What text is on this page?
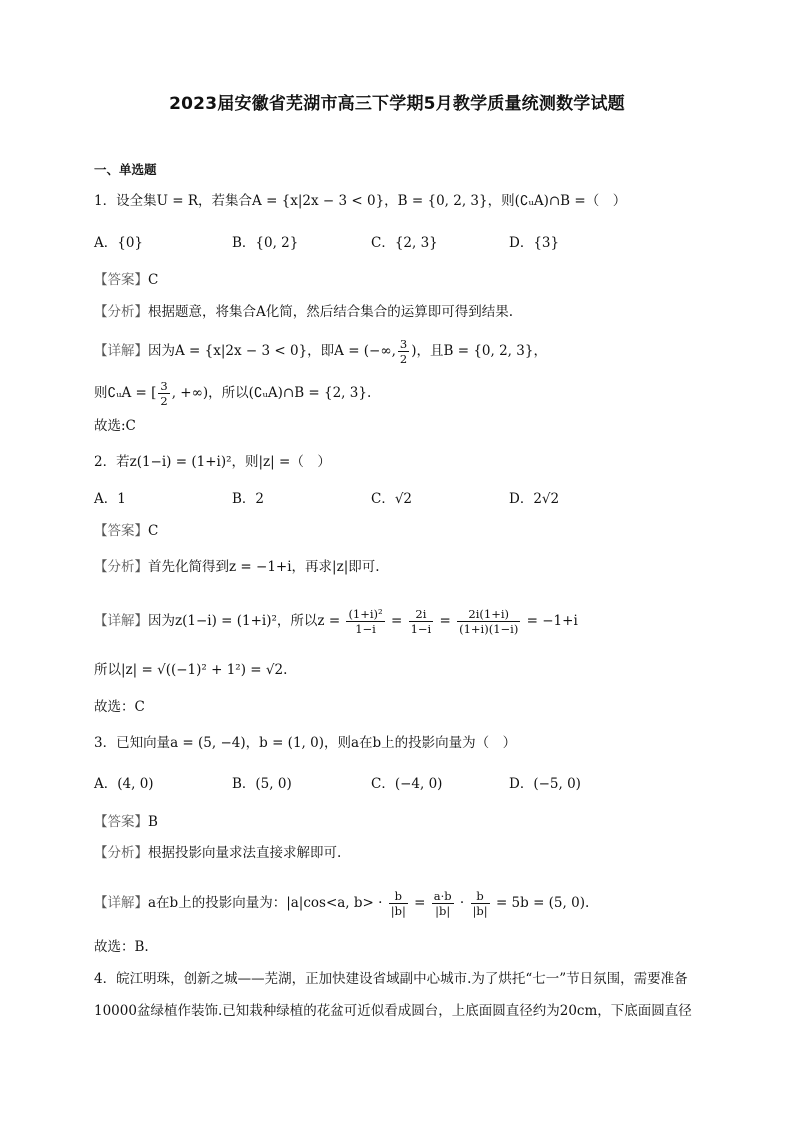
2023届安徽省芜湖市高三下学期5月教学质量统测数学试题
一、单选题
1．设全集U = R，若集合A = {x|2x − 3 < 0}，B = {0, 2, 3}，则(∁ᵤA)∩B =（　）
A．{0}	B．{0, 2}	C．{2, 3}	D．{3}
【答案】C
【分析】根据题意，将集合A化简，然后结合集合的运算即可得到结果.
【详解】因为A = {x|2x − 3 < 0}，即A = (−∞, $\frac{3}{2}$ )，且B = {0, 2, 3}，
则∁ᵤA = [ $\frac{3}{2}$ , +∞)，所以(∁ᵤA)∩B = {2, 3}.
故选:C
2．若z(1−i) = (1+i)²，则|z| =（　）
A．1	B．2	C．√2	D．2√2
【答案】C
【分析】首先化简得到z = −1+i，再求|z|即可.
【详解】因为z(1−i) = (1+i)²，所以$z = \frac{\text{(1+i)²}}{1-i} = \frac{2i}{1-i} = \frac{2i(1+i)}{(1+i)(1-i)} = -1+i$
所以|z| = √((−1)² + 1²) = √2.
故选：C
3．已知向量a = (5, −4)，b = (1, 0)，则a在b上的投影向量为（　）
A．(4, 0)	B．(5, 0)	C．(−4, 0)	D．(−5, 0)
【答案】B
【分析】根据投影向量求法直接求解即可.
【详解】a在b上的投影向量为：|a|cos<a, $b> \cdot \frac{b}{|b|} = \frac{a\cdot b}{|b|} \cdot \frac{b}{|b|} = 5b = (5$, 0).
故选：B.
4．皖江明珠，创新之城——芜湖，正加快建设省域副中心城市.为了烘托“七一”节日氛围，需要准备
10000盆绿植作装饰.已知栽种绿植的花盆可近似看成圆台，上底面圆直径约为20cm，下底面圆直径
